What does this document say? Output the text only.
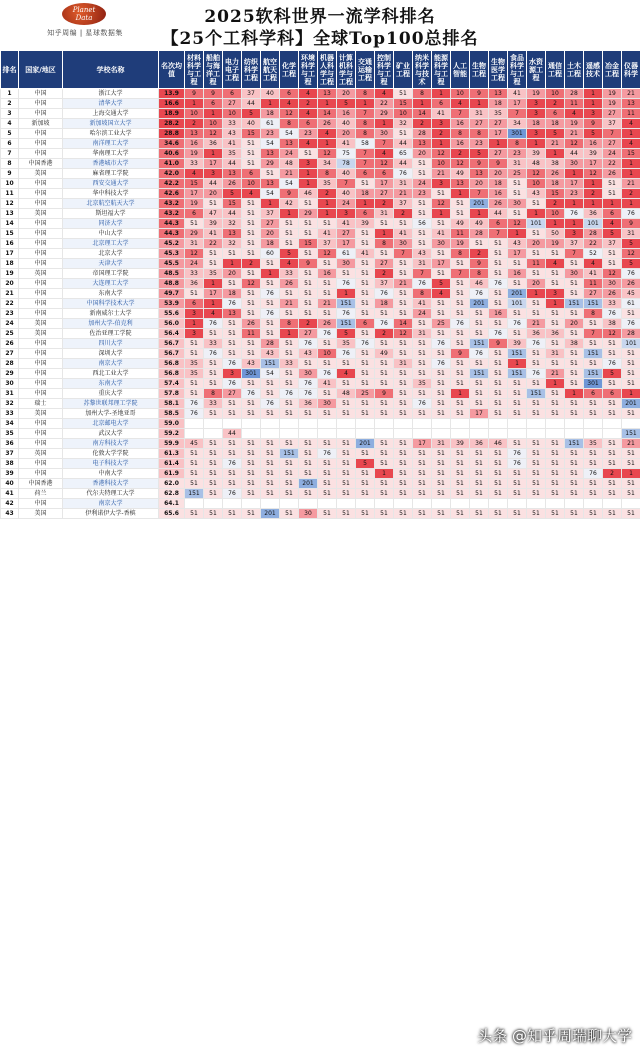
Planet
Data
知乎周编 | 星球数据集
2025软科世界一流学科排名
【25个工科学科】全球Top100总排名
排名	国家/地区	学校名称	名次均值	材料科学与工程	船舶与海洋工程	电力电子工程	纺织科学工程	航空航天工程	化学工程	环境科学与工程	机器人科学与工程	计算机科学与工程	交通运输工程	控制科学与工程	矿业工程	纳米科学与技术	能源科学与工程	人工智能	生物工程	生物医学工程	食品科学与工程	水资源工程	通信工程	土木工程	遥感技术	冶金工程	仪器科学
1	中国	浙江大学	13.9	9	9	6	37	40	6	4	13	20	8	4	51	8	1	10	9	13	41	19	10	28	1	19	21
2	中国	清华大学	16.6	1	6	27	44	1	4	2	1	5	1	22	15	1	6	4	1	18	17	3	2	11	1	19	13
3	中国	上海交通大学	18.9	10	1	10	5	18	12	4	14	16	7	29	10	14	41	7	31	35	7	3	6	4	3	27	11
4	新加坡	新加坡国立大学	28.2	2	10	33	40	61	8	6	26	40	8	1	32	2	3	16	27	27	34	18	18	19	9	37	4
5	中国	哈尔滨工业大学	28.8	13	12	43	15	23	54	23	4	20	8	30	51	28	2	8	8	17	301	3	5	21	5	7	1
6	中国	南洋理工大学	34.6	16	36	41	51	54	13	4	1	41	58	7	44	13	1	16	23	1	8	1	21	12	16	27	4
7	中国	华南理工大学	40.6	19	1	35	51	13	24	51	12	75	7	4	65	20	12	2	5	27	23	39	1	44	39	24	15
8	中国香港	香港城市大学	41.0	33	17	44	51	29	48	3	34	78	7	12	44	51	10	12	9	9	31	48	38	30	17	22	1
9	美国	麻省理工学院	42.0	4	3	13	6	51	21	1	8	40	6	6	76	51	21	49	13	20	25	12	26	1	12	26	1
10	中国	西安交通大学	42.2	15	44	26	10	13	54	1	35	7	51	17	31	24	3	13	20	18	51	10	18	17	1	51	21
11	中国	华中科技大学	42.6	17	20	5	4	54	9	46	2	40	18	27	21	23	51	1	7	16	51	43	15	23	2	51	2
12	中国	北京航空航天大学	43.2	19	51	15	51	1	42	51	1	24	1	2	37	51	12	51	201	26	30	51	2	1	1	1	1
13	美国	斯坦福大学	43.2	6	47	44	51	37	1	29	1	3	6	31	2	51	1	51	1	44	51	1	10	76	36	6	76
14	中国	同济大学	44.3	51	39	32	51	27	51	51	51	41	39	51	51	56	51	49	49	6	12	101	1	1	101	4	9
15	中国	中山大学	44.3	29	41	13	51	20	51	51	41	27	51	1	41	51	41	11	28	7	1	51	50	3	28	5	31
16	中国	北京理工大学	45.2	31	22	32	51	18	51	15	37	17	51	8	30	51	30	19	51	51	43	20	19	37	22	37	5
17	中国	北京大学	45.3	12	51	51	51	60	5	51	12	61	41	51	7	43	51	8	2	51	17	51	51	7	52	51	12
18	中国	天津大学	45.5	24	51	1	2	51	4	9	51	30	51	27	51	31	17	51	9	51	51	11	4	51	4	51	5
19	英国	帝国理工学院	48.5	33	35	20	51	1	33	51	16	51	51	2	51	7	51	7	8	51	16	51	51	30	41	12	76
20	中国	大连理工大学	48.8	36	1	51	12	51	26	51	51	76	51	37	21	76	5	51	46	76	51	20	51	51	11	30	26
21	中国	东南大学	49.7	51	17	18	51	76	51	51	51	1	51	76	51	8	4	51	76	51	201	1	3	51	27	26	45
22	中国	中国科学技术大学	53.9	6	1	76	51	51	21	51	21	151	51	18	51	41	51	51	201	51	101	51	1	151	151	33	61
23	中国	新南威尔士大学	55.6	3	4	13	51	76	51	51	51	76	51	51	51	24	51	51	51	16	51	51	51	51	8	76	51
24	美国	加州大学-伯克利	56.0	1	76	51	26	51	8	2	26	151	6	76	14	51	25	76	51	51	76	21	51	20	51	38	76
25	美国	佐治亚理工学院	56.4	3	51	51	11	51	1	27	76	5	51	2	12	31	51	51	51	76	51	36	36	51	7	12	28
26	中国	四川大学	56.7	51	33	51	51	28	51	76	51	35	76	51	51	51	76	51	151	9	39	76	51	38	51	51	101
27	中国	深圳大学	56.7	51	76	51	51	43	51	43	10	76	51	49	51	51	51	9	76	51	151	51	31	51	151	51	51
28	中国	南京大学	56.8	35	51	76	43	151	33	51	51	51	51	51	31	51	76	51	51	51	1	51	51	51	51	76	51
29	中国	西北工业大学	56.8	35	51	3	301	54	51	30	76	4	51	51	51	51	51	51	151	51	151	76	21	51	151	5	51
30	中国	东南大学	57.4	51	51	76	51	51	51	76	41	51	51	51	51	35	51	51	51	51	51	51	1	51	301	51	51
31	中国	重庆大学	57.8	51	8	27	76	51	76	76	51	48	25	9	51	51	51	1	51	51	51	151	51	1	6	6	1
32	瑞士	苏黎世联邦理工学院	58.1	76	33	51	51	76	51	36	30	51	51	51	51	76	51	51	51	51	51	51	51	51	51	51	201
33	美国	加州大学-圣地亚哥	58.5	76	51	51	51	51	51	51	51	51	51	51	51	51	51	51	17	51	51	51	51	51	51	51	51
34	中国	北京邮电大学	59.0																								
35	中国	武汉大学	59.2			44																					151
36	中国	南方科技大学	59.9	45	51	51	51	51	51	51	51	51	201	51	51	17	31	39	36	46	51	51	51	151	35	51	21
37	英国	伦敦大学学院	61.3	51	51	51	51	51	151	51	76	51	51	51	51	51	51	51	51	51	76	51	51	51	51	51	51
38	中国	电子科技大学	61.4	51	51	76	51	51	51	51	51	51	5	51	51	51	51	51	51	51	76	51	51	51	51	51	51
39	中国	中南大学	61.9	51	51	51	51	51	51	51	51	51	51	1	51	51	51	51	51	51	51	51	51	51	76	2	1
40	中国香港	香港科技大学	62.0	51	51	51	51	51	51	201	51	51	51	51	51	51	51	51	51	51	51	51	51	51	51	51	51
41	荷兰	代尔夫特理工大学	62.8	151	51	76	51	51	51	51	51	51	51	51	51	51	51	51	51	51	51	51	51	51	51	51	51
42	中国	南京大学	64.1																								
43	美国	伊利诺伊大学-香槟	65.6	51	51	51	51	201	51	30	51	51	51	51	51	51	51	51	51	51	51	51	51	51	51	51	51
头条 @知乎周瑞聊大学
